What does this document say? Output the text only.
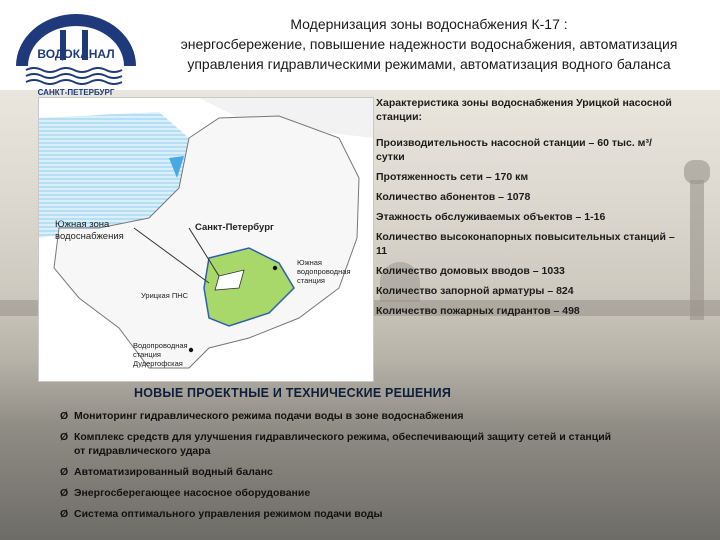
ВОДОКАНАЛ
САНКТ-ПЕТЕРБУРГ
Модернизация зоны водоснабжения К-17 :
энергосбережение, повышение надежности водоснабжения, автоматизация
управления гидравлическими режимами, автоматизация водного баланса
Южная зона водоснабжения
Санкт-Петербург
Южная водопроводная станция
Урицкая ПНС
Водопроводная станция Дудергофская
Характеристика зоны водоснабжения Урицкой насосной станции:
Производительность насосной станции – 60 тыс. м³/сутки
Протяженность сети – 170 км
Количество абонентов – 1078
Этажность обслуживаемых объектов – 1-16
Количество высоконапорных повысительных станций – 11
Количество домовых вводов – 1033
Количество запорной арматуры – 824
Количество пожарных гидрантов – 498
НОВЫЕ ПРОЕКТНЫЕ И ТЕХНИЧЕСКИЕ РЕШЕНИЯ
Ø Мониторинг гидравлического режима подачи воды в зоне водоснабжения
Ø Комплекс средств для улучшения гидравлического режима, обеспечивающий защиту сетей и станций от гидравлического удара
Ø Автоматизированный водный баланс
Ø Энергосберегающее насосное оборудование
Ø Система оптимального управления режимом подачи воды
